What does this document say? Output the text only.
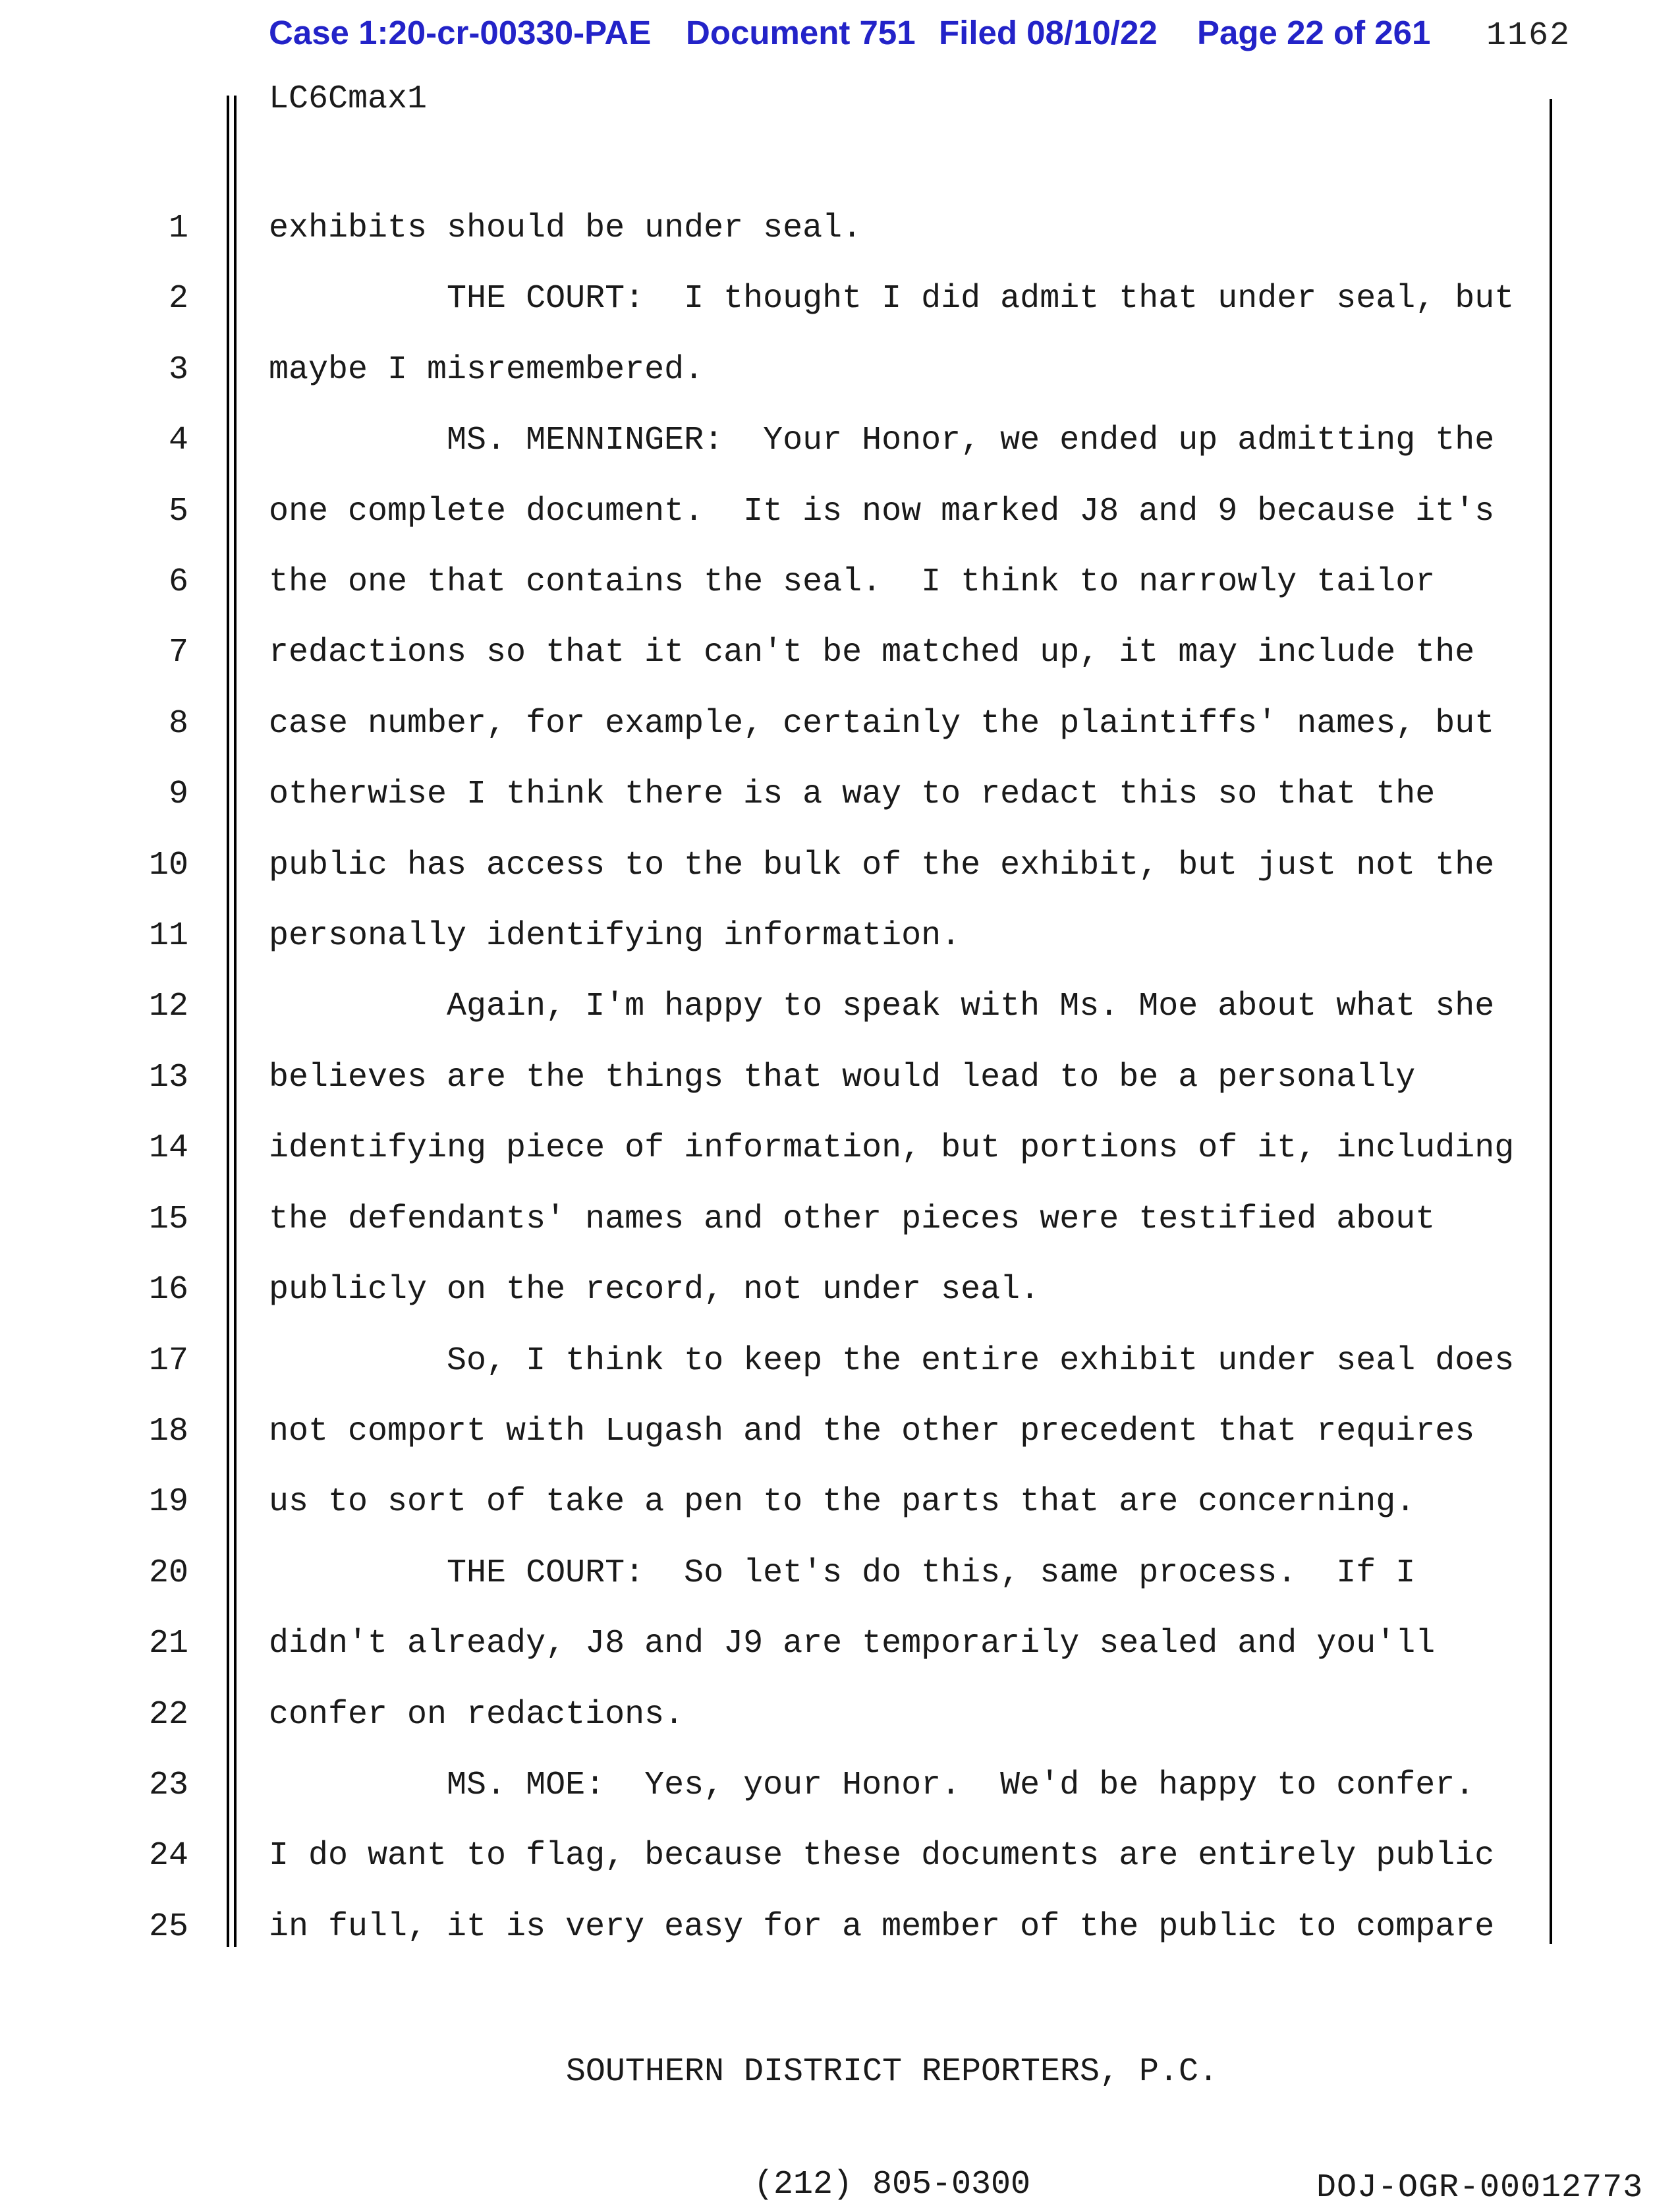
Case 1:20-cr-00330-PAE Document 751 Filed 08/10/22 Page 22 of 261 1162
LC6Cmax1
1
2
3
4
5
6
7
8
9
10
11
12
13
14
15
16
17
18
19
20
21
22
23
24
25
exhibits should be under seal.
THE COURT:  I thought I did admit that under seal, but
maybe I misremembered.
MS. MENNINGER:  Your Honor, we ended up admitting the
one complete document.  It is now marked J8 and 9 because it's
the one that contains the seal.  I think to narrowly tailor
redactions so that it can't be matched up, it may include the
case number, for example, certainly the plaintiffs' names, but
otherwise I think there is a way to redact this so that the
public has access to the bulk of the exhibit, but just not the
personally identifying information.
Again, I'm happy to speak with Ms. Moe about what she
believes are the things that would lead to be a personally
identifying piece of information, but portions of it, including
the defendants' names and other pieces were testified about
publicly on the record, not under seal.
So, I think to keep the entire exhibit under seal does
not comport with Lugash and the other precedent that requires
us to sort of take a pen to the parts that are concerning.
THE COURT:  So let's do this, same process.  If I
didn't already, J8 and J9 are temporarily sealed and you'll
confer on redactions.
MS. MOE:  Yes, your Honor.  We'd be happy to confer.
I do want to flag, because these documents are entirely public
in full, it is very easy for a member of the public to compare

SOUTHERN DISTRICT REPORTERS, P.C.

(212) 805-0300

	DOJ-OGR-00012773
